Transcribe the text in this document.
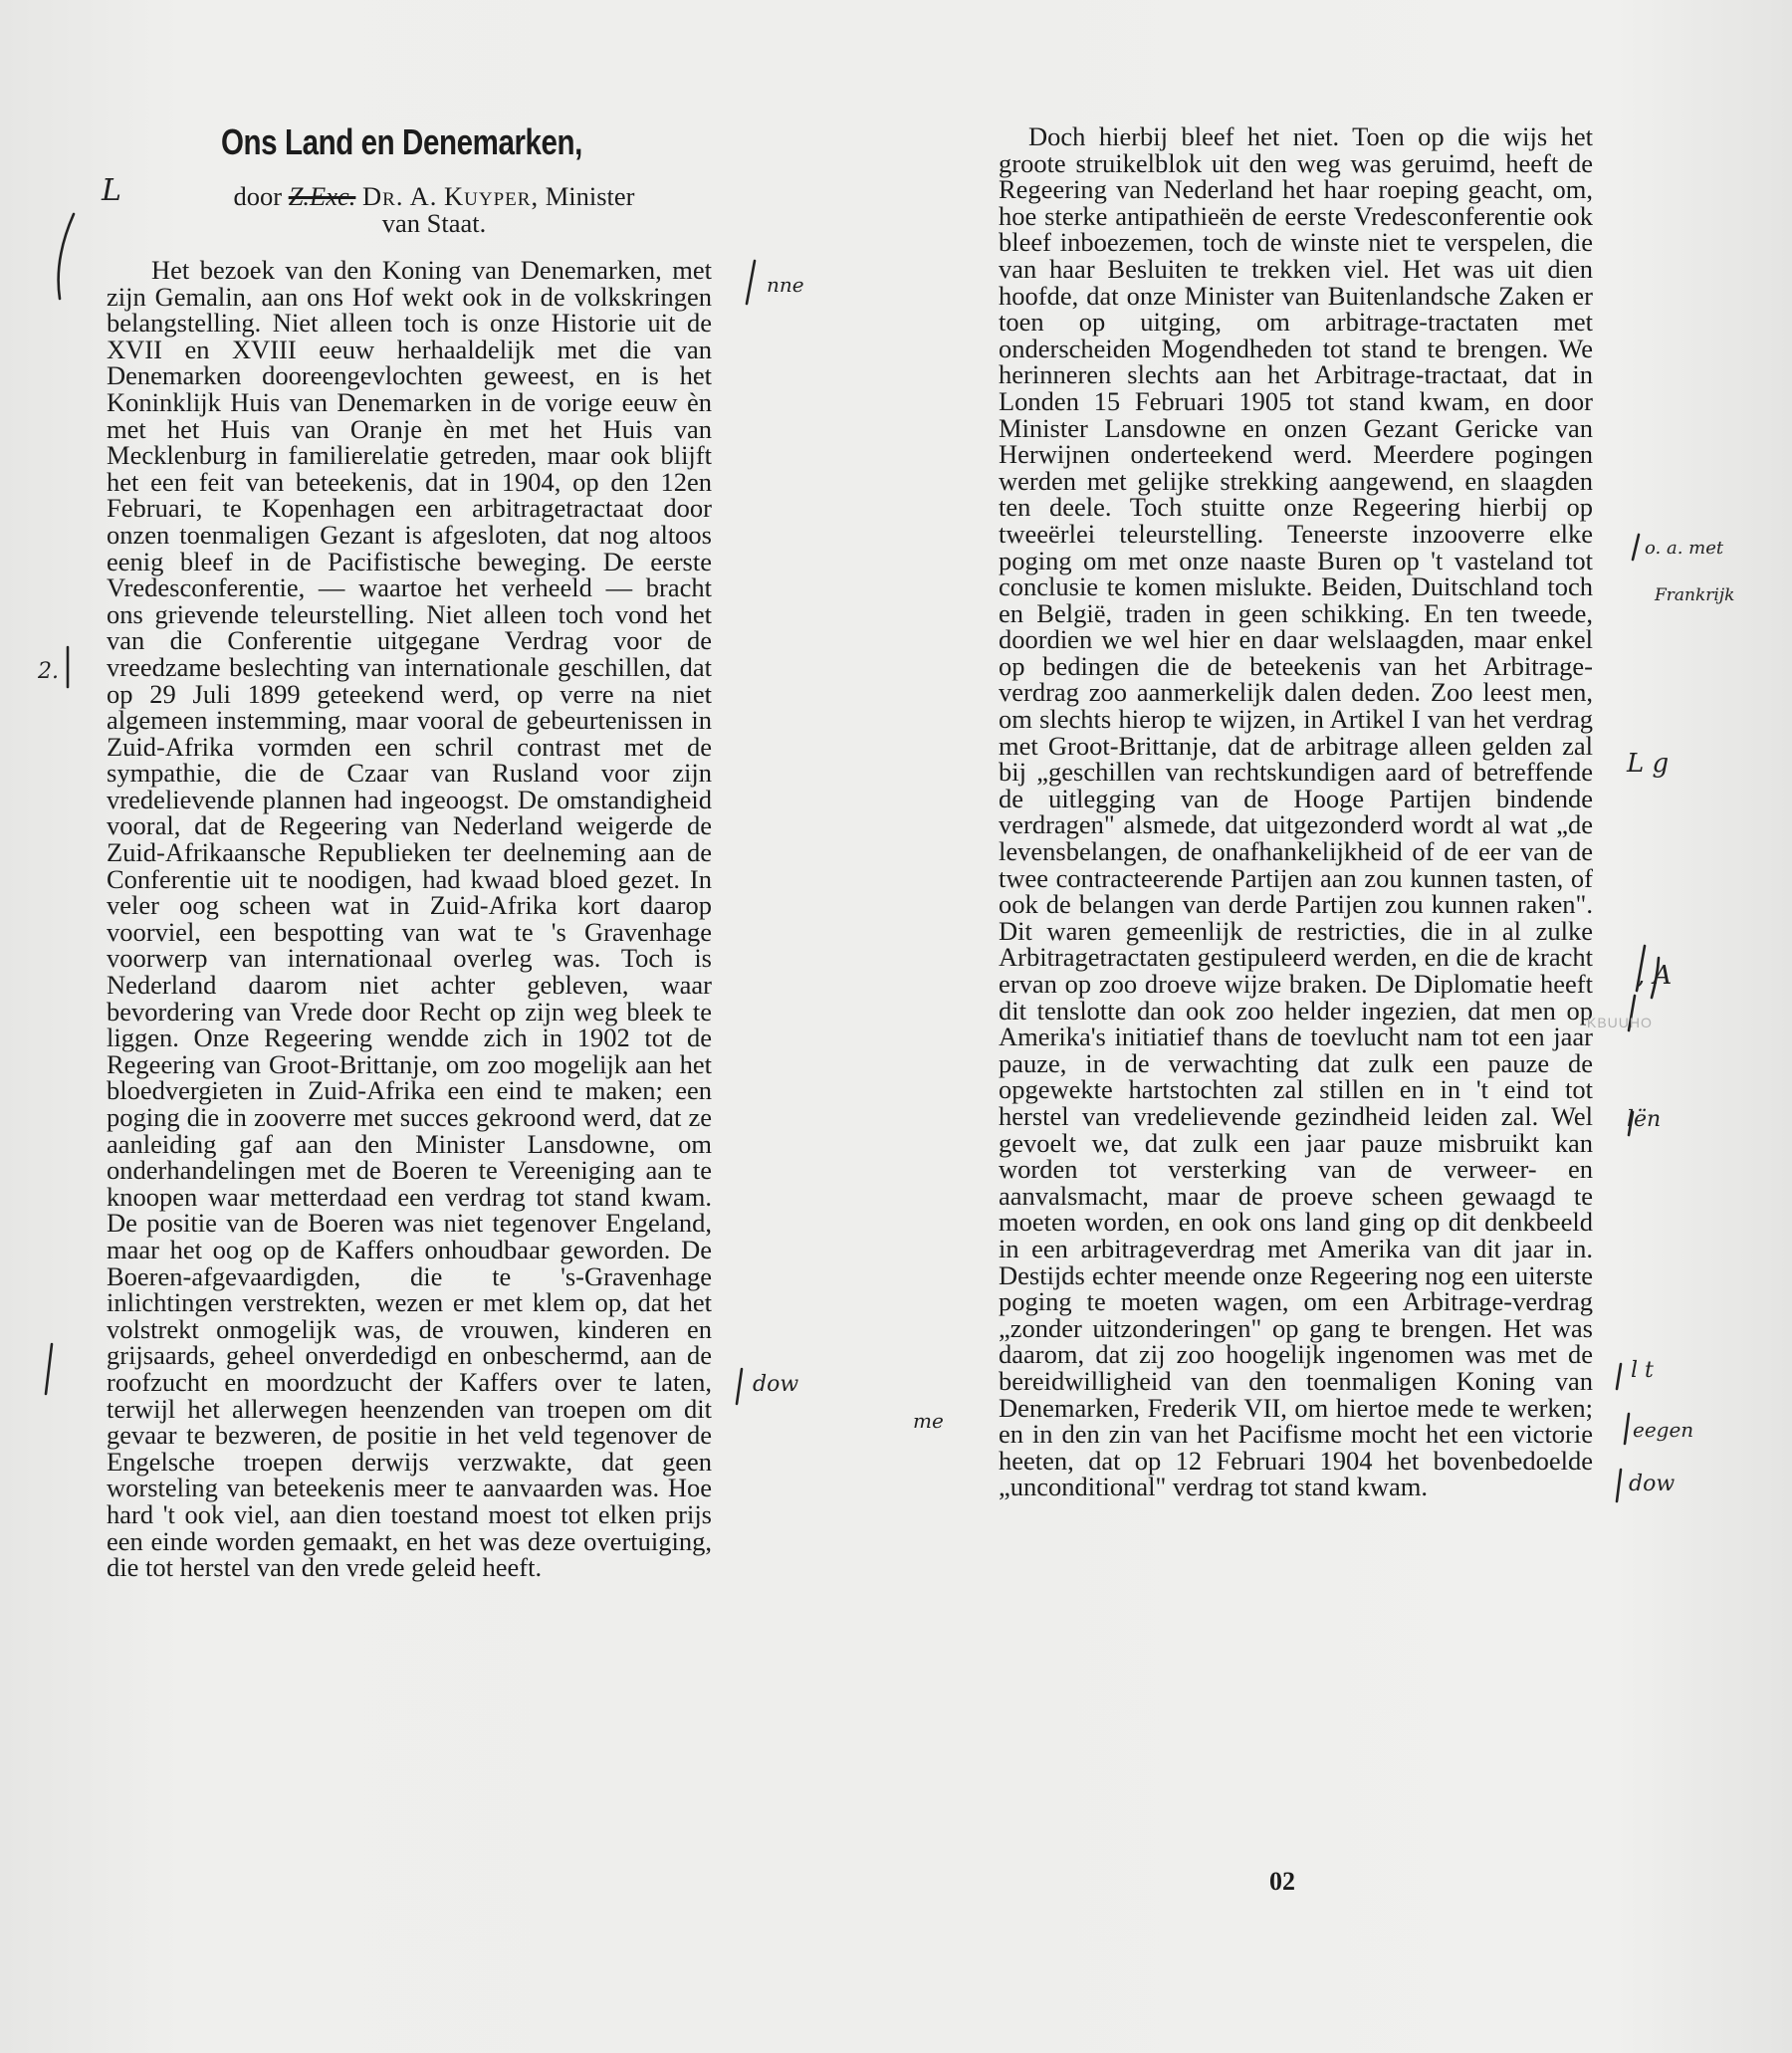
Ons Land en Denemarken,
door Z.Exc. Dr. A. Kuyper, Minister
van Staat.

Het bezoek van den Koning van Denemarken, met zijn Gemalin, aan ons Hof wekt ook in de volkskringen belangstelling. Niet alleen toch is onze Historie uit de XVII en XVIII eeuw herhaaldelijk met die van Denemarken dooreengevlochten geweest, en is het Koninklijk Huis van Denemarken in de vorige eeuw èn met het Huis van Oranje èn met het Huis van Mecklenburg in familierelatie getreden, maar ook blijft het een feit van beteekenis, dat in 1904, op den 12en Februari, te Kopenhagen een arbitragetractaat door onzen toenmaligen Gezant is afgesloten, dat nog altoos eenig bleef in de Pacifistische beweging. De eerste Vredesconferentie, — waartoe het verheeld — bracht ons grievende teleurstelling. Niet alleen toch vond het van die Conferentie uitgegane Verdrag voor de vreedzame beslechting van internationale geschillen, dat op 29 Juli 1899 geteekend werd, op verre na niet algemeen instemming, maar vooral de gebeurtenissen in Zuid-Afrika vormden een schril contrast met de sympathie, die de Czaar van Rusland voor zijn vredelievende plannen had ingeoogst. De omstandigheid vooral, dat de Regeering van Nederland weigerde de Zuid-Afrikaansche Republieken ter deelneming aan de Conferentie uit te noodigen, had kwaad bloed gezet. In veler oog scheen wat in Zuid-Afrika kort daarop voorviel, een bespotting van wat te 's Gravenhage voorwerp van internationaal overleg was. Toch is Nederland daarom niet achter gebleven, waar bevordering van Vrede door Recht op zijn weg bleek te liggen. Onze Regeering wendde zich in 1902 tot de Regeering van Groot-Brittanje, om zoo mogelijk aan het bloedvergieten in Zuid-Afrika een eind te maken; een poging die in zooverre met succes gekroond werd, dat ze aanleiding gaf aan den Minister Lansdowne, om onderhandelingen met de Boeren te Vereeniging aan te knoopen waar metterdaad een verdrag tot stand kwam. De positie van de Boeren was niet tegenover Engeland, maar het oog op de Kaffers onhoudbaar geworden. De Boeren-afgevaardigden, die te 's-Gravenhage inlichtingen verstrekten, wezen er met klem op, dat het volstrekt onmogelijk was, de vrouwen, kinderen en grijsaards, geheel onverdedigd en onbeschermd, aan de roofzucht en moordzucht der Kaffers over te laten, terwijl het allerwegen heenzenden van troepen om dit gevaar te bezweren, de positie in het veld tegenover de Engelsche troepen derwijs verzwakte, dat geen worsteling van beteekenis meer te aanvaarden was. Hoe hard 't ook viel, aan dien toestand moest tot elken prijs een einde worden gemaakt, en het was deze overtuiging, die tot herstel van den vrede geleid heeft.

Doch hierbij bleef het niet. Toen op die wijs het groote struikelblok uit den weg was geruimd, heeft de Regeering van Nederland het haar roeping geacht, om, hoe sterke antipathieën de eerste Vredesconferentie ook bleef inboezemen, toch de winste niet te verspelen, die van haar Besluiten te trekken viel. Het was uit dien hoofde, dat onze Minister van Buitenlandsche Zaken er toen op uitging, om arbitrage-tractaten met onderscheiden Mogendheden tot stand te brengen. We herinneren slechts aan het Arbitrage-tractaat, dat in Londen 15 Februari 1905 tot stand kwam, en door Minister Lansdowne en onzen Gezant Gericke van Herwijnen onderteekend werd. Meerdere pogingen werden met gelijke strekking aangewend, en slaagden ten deele. Toch stuitte onze Regeering hierbij op tweeërlei teleurstelling. Teneerste inzooverre elke poging om met onze naaste Buren op 't vasteland tot conclusie te komen mislukte. Beiden, Duitschland toch en België, traden in geen schikking. En ten tweede, doordien we wel hier en daar welslaagden, maar enkel op bedingen die de beteekenis van het Arbitrage-verdrag zoo aanmerkelijk dalen deden. Zoo leest men, om slechts hierop te wijzen, in Artikel I van het verdrag met Groot-Brittanje, dat de arbitrage alleen gelden zal bij „geschillen van rechtskundigen aard of betreffende de uitlegging van de Hooge Partijen bindende verdragen" alsmede, dat uitgezonderd wordt al wat „de levensbelangen, de onafhankelijkheid of de eer van de twee contracteerende Partijen aan zou kunnen tasten, of ook de belangen van derde Partijen zou kunnen raken". Dit waren gemeenlijk de restricties, die in al zulke Arbitragetractaten gestipuleerd werden, en die de kracht ervan op zoo droeve wijze braken. De Diplomatie heeft dit tenslotte dan ook zoo helder ingezien, dat men op Amerika's initiatief thans de toevlucht nam tot een jaar pauze, in de verwachting dat zulk een pauze de opgewekte hartstochten zal stillen en in 't eind tot herstel van vredelievende gezindheid leiden zal. Wel gevoelt we, dat zulk een jaar pauze misbruikt kan worden tot versterking van de verweer- en aanvalsmacht, maar de proeve scheen gewaagd te moeten worden, en ook ons land ging op dit denkbeeld in een arbitrageverdrag met Amerika van dit jaar in. Destijds echter meende onze Regeering nog een uiterste poging te moeten wagen, om een Arbitrage-verdrag „zonder uitzonderingen" op gang te brengen. Het was daarom, dat zij zoo hoogelijk ingenomen was met de bereidwilligheid van den toenmaligen Koning van Denemarken, Frederik VII, om hiertoe mede te werken; en in den zin van het Pacifisme mocht het een victorie heeten, dat op 12 Februari 1904 het bovenbedoelde „unconditional" verdrag tot stand kwam.

02
L
2.
nne
dow
me
o. a. met
Frankrijk
L g
, A
lën
l t
eegen
dow
KBUUHO
